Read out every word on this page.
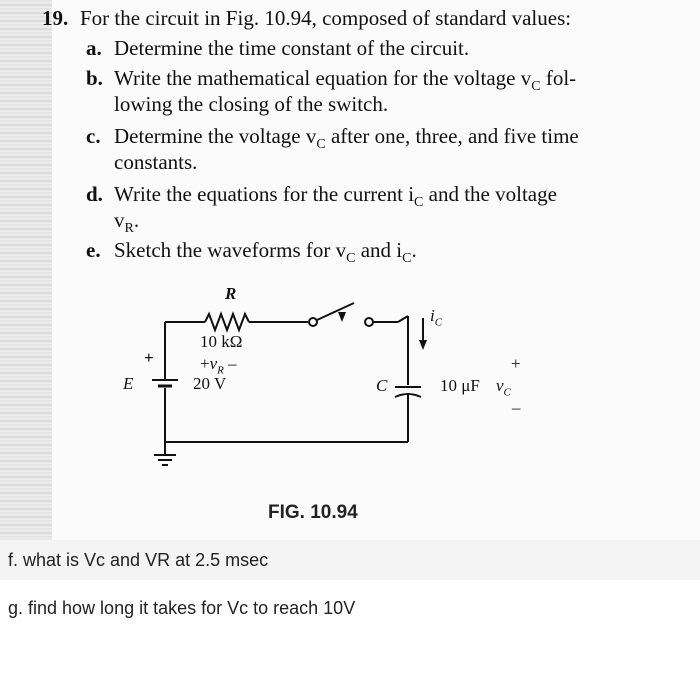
19. For the circuit in Fig. 10.94, composed of standard values:
a. Determine the time constant of the circuit.
b. Write the mathematical equation for the voltage $v_C$ fol-
lowing the closing of the switch.
c. Determine the voltage $v_C$ after one, three, and five time
constants.
d. Write the equations for the current $i_C$ and the voltage
$v_R$.
e. Sketch the waveforms for $v_C$ and $i_C$.
R
10 kΩ
$+v_R$ –
+
E	20 V	C	10 μF
+
$v_C$
–
$i_C$
FIG. 10.94
f. what is Vc and VR at 2.5 msec
g. find how long it takes for Vc to reach 10V
